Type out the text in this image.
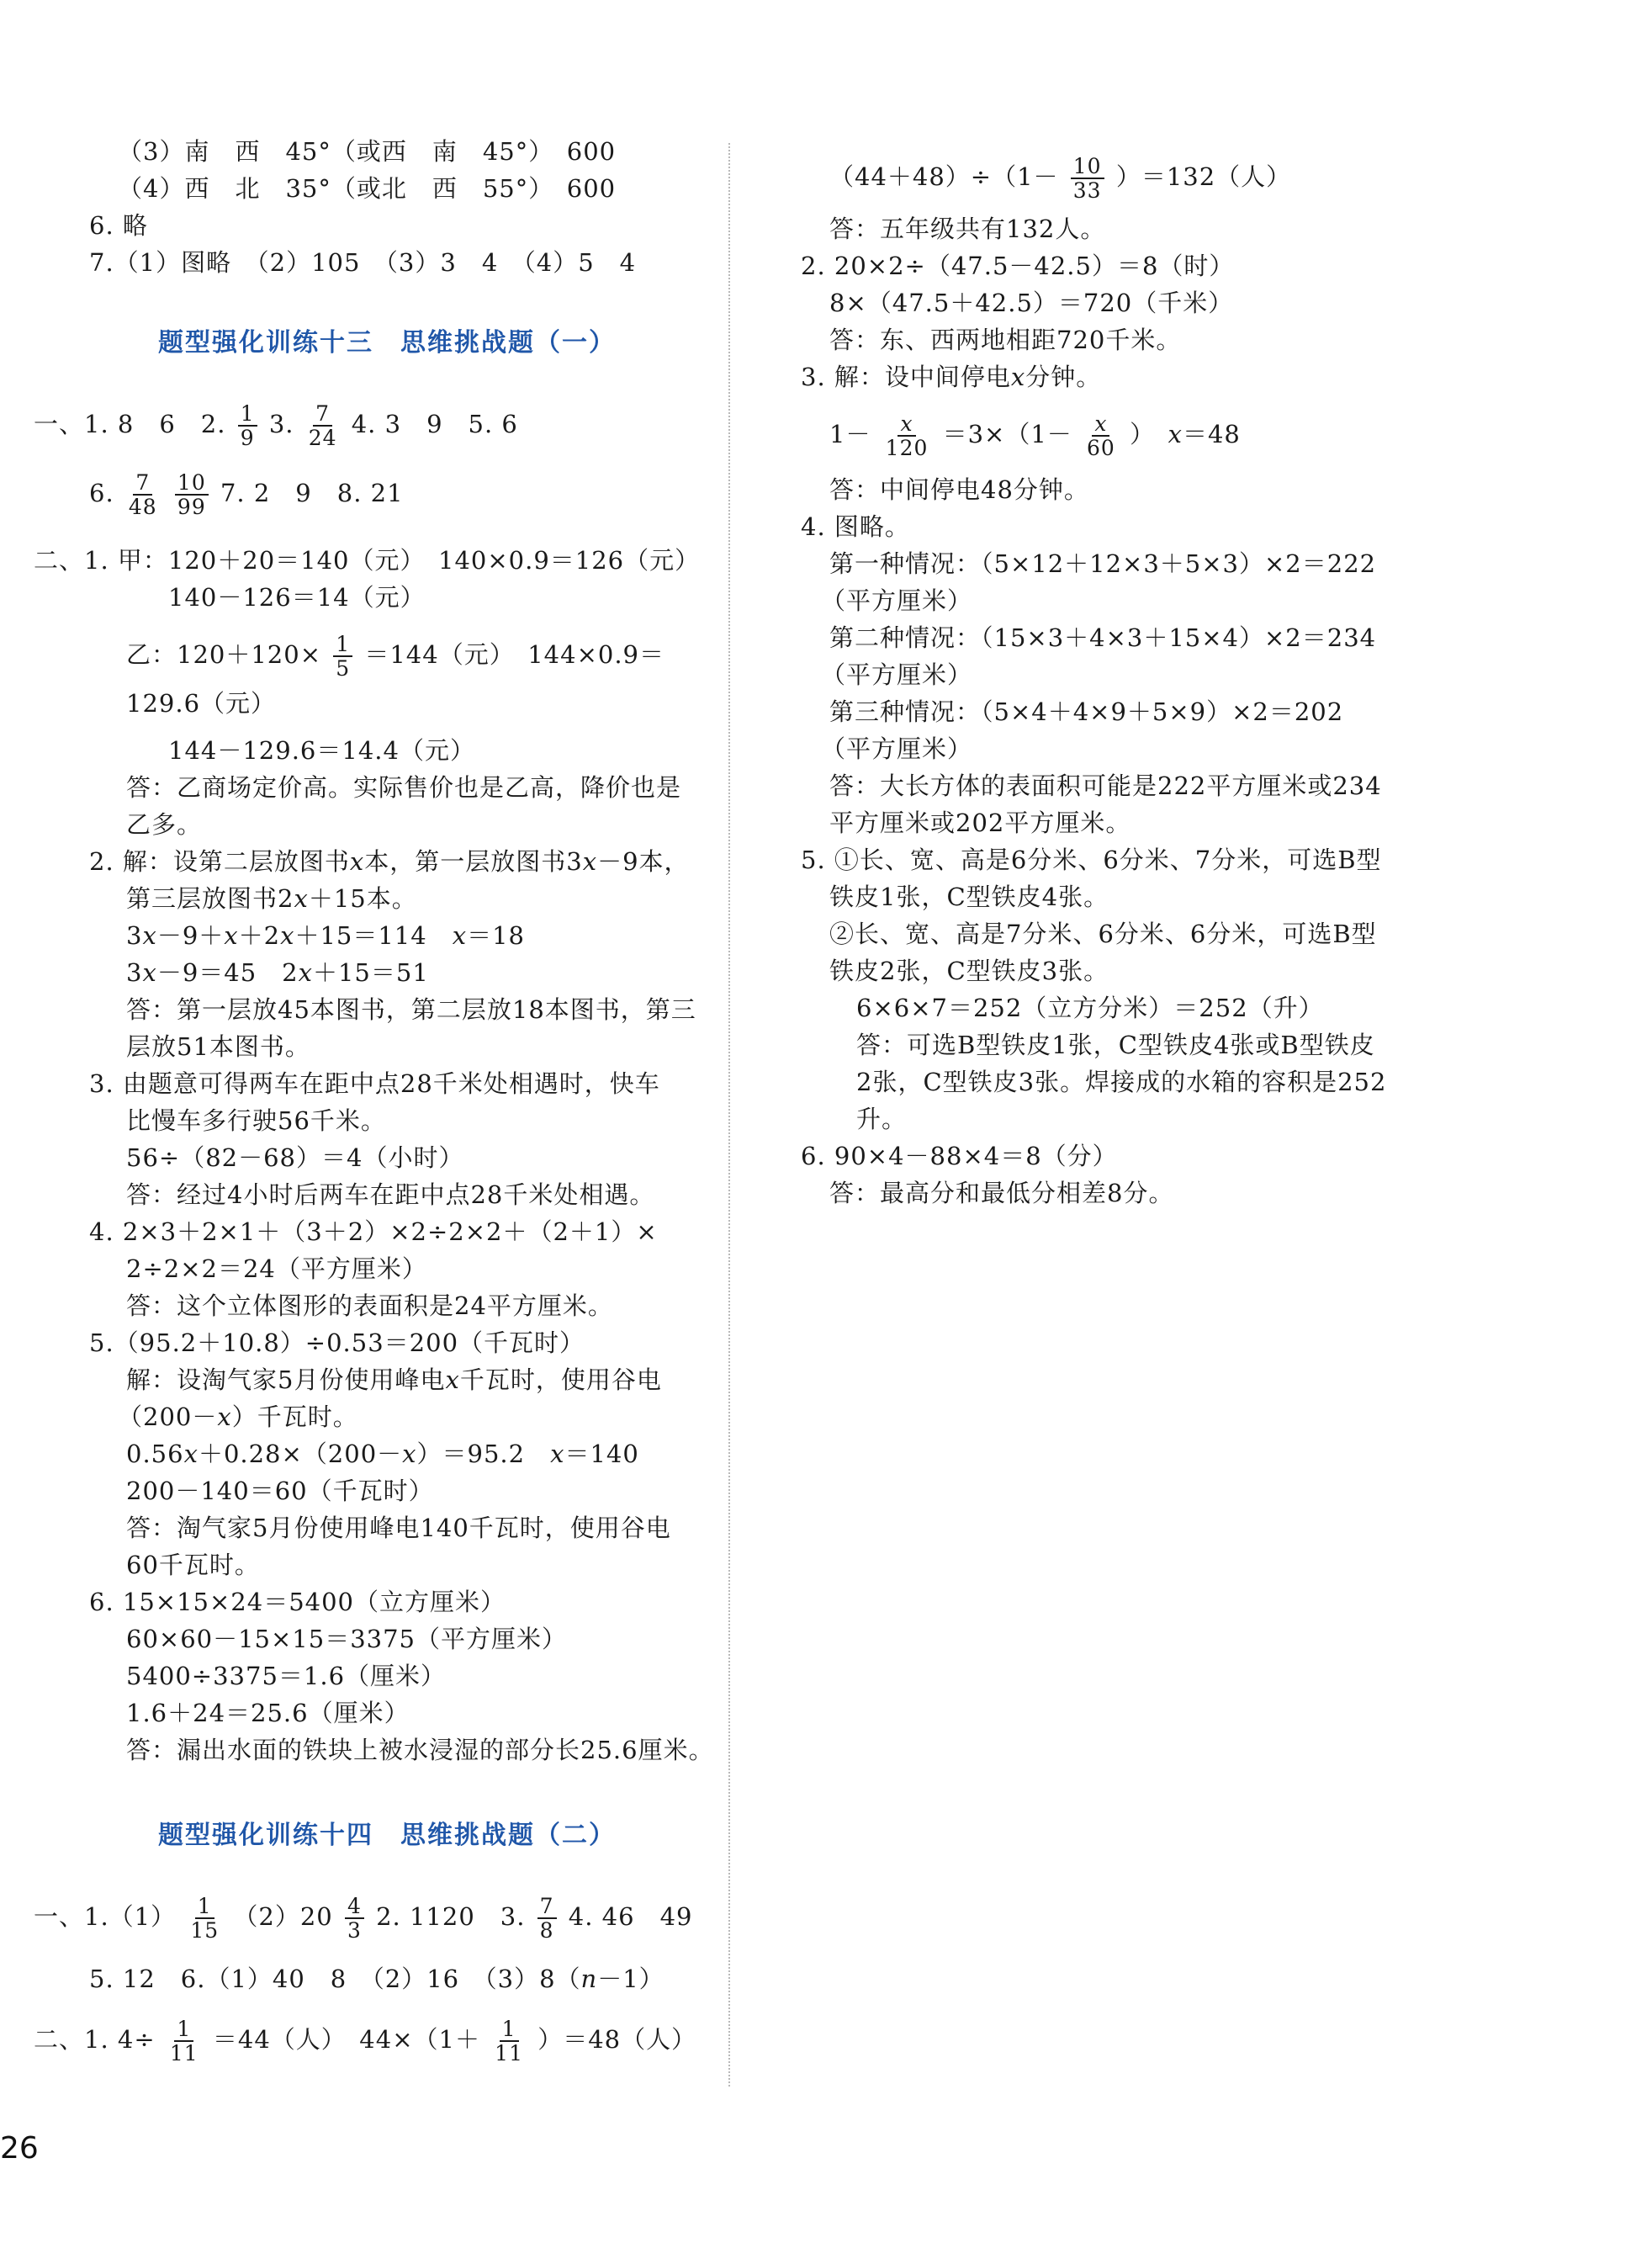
（3）南　西　45°（或西　南　45°）　600
（4）西　北　35°（或北　西　55°）　600
6. 略
7.（1）图略　（2）105　（3）3　4　（4）5　4
题型强化训练十三　思维挑战题（一）
一、1. 8　6　2. $\frac{1}{9} 3$. $\frac{7}{24} 4$. 3　9　5. 6
6. $\frac{7}{48}$
$\frac{10}{99} 7$. 2　9　8. 21
二、1. 甲：120＋20＝140（元）　140×0.9＝126（元）
140－126＝14（元）
乙：$120+120\times \frac{1}{5} =144$（元）　144×0.9＝
129.6（元）
144－129.6＝14.4（元）
答：乙商场定价高。实际售价也是乙高，降价也是
乙多。
2. 解：设第二层放图书x本，第一层放图书3x－9本，
第三层放图书2x＋15本。
3x－9＋x＋2x＋15＝114　x＝18
3x－9＝45　2x＋15＝51
答：第一层放45本图书，第二层放18本图书，第三
层放51本图书。
3. 由题意可得两车在距中点28千米处相遇时，快车
比慢车多行驶56千米。
56÷（82－68）＝4（小时）
答：经过4小时后两车在距中点28千米处相遇。
4. 2×3＋2×1＋（3＋2）×2÷2×2＋（2＋1）×
2÷2×2＝24（平方厘米）
答：这个立体图形的表面积是24平方厘米。
5.（95.2＋10.8）÷0.53＝200（千瓦时）
解：设淘气家5月份使用峰电x千瓦时，使用谷电
（200－x）千瓦时。
0.56x＋0.28×（200－x）＝95.2　x＝140
200－140＝60（千瓦时）
答：淘气家5月份使用峰电140千瓦时，使用谷电
60千瓦时。
6. 15×15×24＝5400（立方厘米）
60×60－15×15＝3375（平方厘米）
5400÷3375＝1.6（厘米）
1.6＋24＝25.6（厘米）
答：漏出水面的铁块上被水浸湿的部分长25.6厘米。
题型强化训练十四　思维挑战题（二）
一、$1.(1) \frac{1}{15} (2)20 \frac{4}{3} 2$. 1120　3. $\frac{7}{8} 4$. 46　49
5. 12　6.（1）40　8　（2）16　（3）8（n－1）
二、1. $4\div \frac{1}{11} =44$（人）　$44\times(1+ \frac{1}{11} )=48$（人）
$(44+48)\div(1- \frac{10}{33} )=132$（人）
答：五年级共有132人。
2. 20×2÷（47.5－42.5）＝8（时）
8×（47.5＋42.5）＝720（千米）
答：东、西两地相距720千米。
3. 解：设中间停电x分钟。
$1- \frac{x}{120} =3\times(1- \frac{x}{60}$ ）　x＝48
答：中间停电48分钟。
4. 图略。
第一种情况：（5×12＋12×3＋5×3）×2＝222
（平方厘米）
第二种情况：（15×3＋4×3＋15×4）×2＝234
（平方厘米）
第三种情况：（5×4＋4×9＋5×9）×2＝202
（平方厘米）
答：大长方体的表面积可能是222平方厘米或234
平方厘米或202平方厘米。
5. ①长、宽、高是6分米、6分米、7分米，可选B型
铁皮1张，C型铁皮4张。
②长、宽、高是7分米、6分米、6分米，可选B型
铁皮2张，C型铁皮3张。
6×6×7＝252（立方分米）＝252（升）
答：可选B型铁皮1张，C型铁皮4张或B型铁皮
2张，C型铁皮3张。焊接成的水箱的容积是252
升。
6. 90×4－88×4＝8（分）
答：最高分和最低分相差8分。
26
